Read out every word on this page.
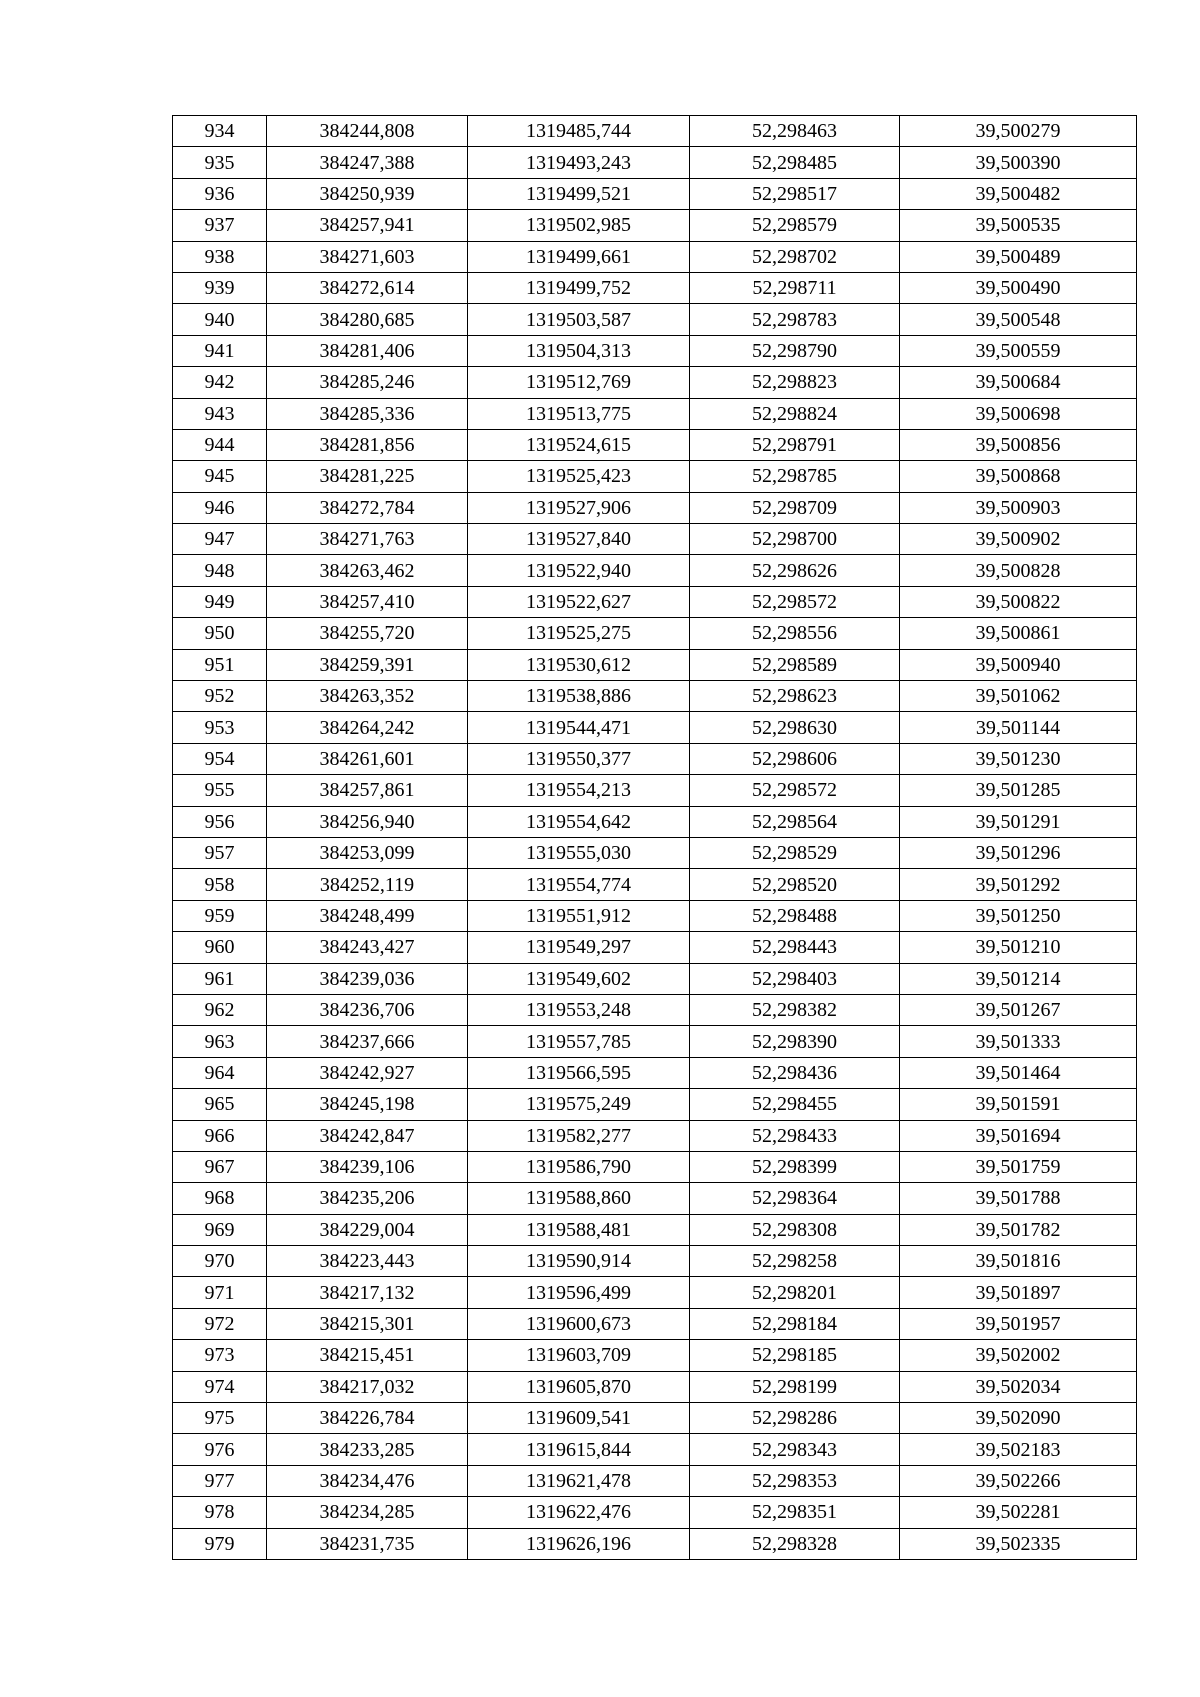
934	384244,808	1319485,744	52,298463	39,500279
935	384247,388	1319493,243	52,298485	39,500390
936	384250,939	1319499,521	52,298517	39,500482
937	384257,941	1319502,985	52,298579	39,500535
938	384271,603	1319499,661	52,298702	39,500489
939	384272,614	1319499,752	52,298711	39,500490
940	384280,685	1319503,587	52,298783	39,500548
941	384281,406	1319504,313	52,298790	39,500559
942	384285,246	1319512,769	52,298823	39,500684
943	384285,336	1319513,775	52,298824	39,500698
944	384281,856	1319524,615	52,298791	39,500856
945	384281,225	1319525,423	52,298785	39,500868
946	384272,784	1319527,906	52,298709	39,500903
947	384271,763	1319527,840	52,298700	39,500902
948	384263,462	1319522,940	52,298626	39,500828
949	384257,410	1319522,627	52,298572	39,500822
950	384255,720	1319525,275	52,298556	39,500861
951	384259,391	1319530,612	52,298589	39,500940
952	384263,352	1319538,886	52,298623	39,501062
953	384264,242	1319544,471	52,298630	39,501144
954	384261,601	1319550,377	52,298606	39,501230
955	384257,861	1319554,213	52,298572	39,501285
956	384256,940	1319554,642	52,298564	39,501291
957	384253,099	1319555,030	52,298529	39,501296
958	384252,119	1319554,774	52,298520	39,501292
959	384248,499	1319551,912	52,298488	39,501250
960	384243,427	1319549,297	52,298443	39,501210
961	384239,036	1319549,602	52,298403	39,501214
962	384236,706	1319553,248	52,298382	39,501267
963	384237,666	1319557,785	52,298390	39,501333
964	384242,927	1319566,595	52,298436	39,501464
965	384245,198	1319575,249	52,298455	39,501591
966	384242,847	1319582,277	52,298433	39,501694
967	384239,106	1319586,790	52,298399	39,501759
968	384235,206	1319588,860	52,298364	39,501788
969	384229,004	1319588,481	52,298308	39,501782
970	384223,443	1319590,914	52,298258	39,501816
971	384217,132	1319596,499	52,298201	39,501897
972	384215,301	1319600,673	52,298184	39,501957
973	384215,451	1319603,709	52,298185	39,502002
974	384217,032	1319605,870	52,298199	39,502034
975	384226,784	1319609,541	52,298286	39,502090
976	384233,285	1319615,844	52,298343	39,502183
977	384234,476	1319621,478	52,298353	39,502266
978	384234,285	1319622,476	52,298351	39,502281
979	384231,735	1319626,196	52,298328	39,502335
